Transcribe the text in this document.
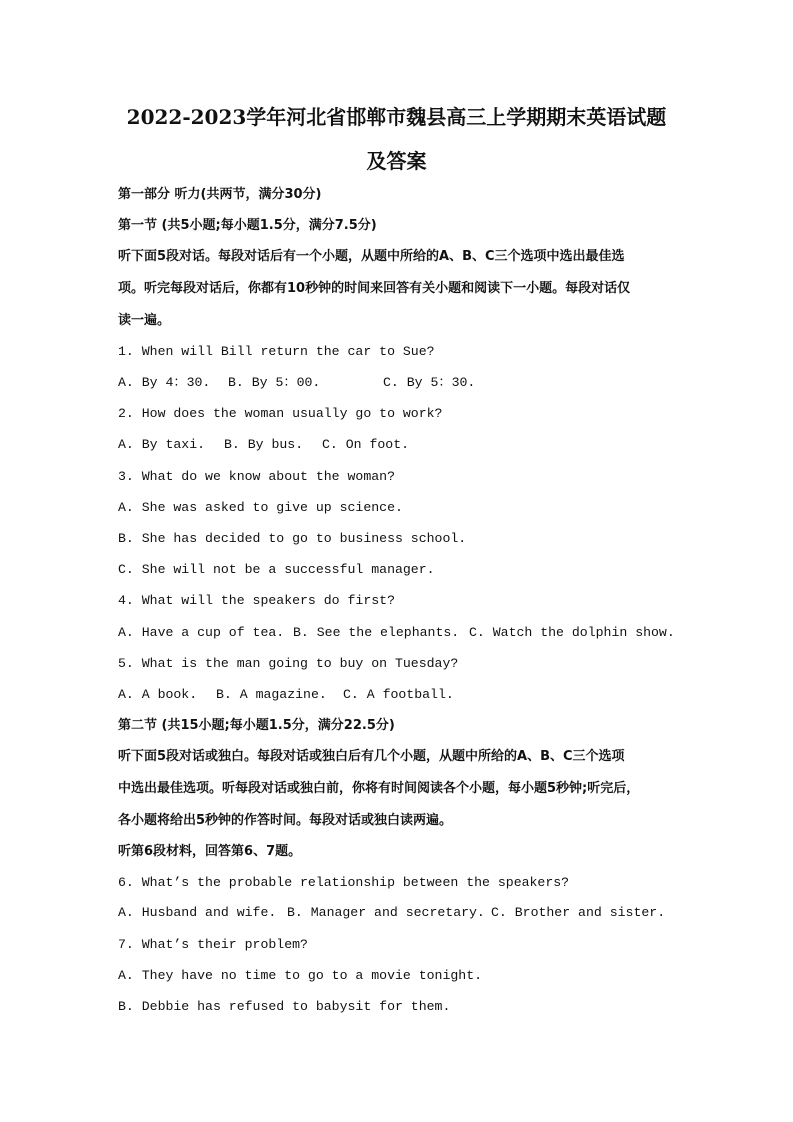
2022-2023学年河北省邯郸市魏县高三上学期期末英语试题
及答案
第一部分 听力(共两节，满分30分)
第一节 (共5小题;每小题1.5分，满分7.5分)
听下面5段对话。每段对话后有一个小题，从题中所给的A、B、C三个选项中选出最佳选
项。听完每段对话后，你都有10秒钟的时间来回答有关小题和阅读下一小题。每段对话仅
读一遍。
1. When will Bill return the car to Sue?
A. By 4：30. B. By 5：00.	C. By 5：30.
2. How does the woman usually go to work?
A. By taxi. B. By bus. C. On foot.
3. What do we know about the woman?
A. She was asked to give up science.
B. She has decided to go to business school.
C. She will not be a successful manager.
4. What will the speakers do first?
A. Have a cup of tea. B. See the elephants. C. Watch the dolphin show.
5. What is the man going to buy on Tuesday?
A. A book. B. A magazine. C. A football.
第二节 (共15小题;每小题1.5分，满分22.5分)
听下面5段对话或独白。每段对话或独白后有几个小题，从题中所给的A、B、C三个选项
中选出最佳选项。听每段对话或独白前，你将有时间阅读各个小题，每小题5秒钟;听完后，
各小题将给出5秒钟的作答时间。每段对话或独白读两遍。
听第6段材料，回答第6、7题。
6. What’s the probable relationship between the speakers?
A. Husband and wife. B. Manager and secretary. C. Brother and sister.
7. What’s their problem?
A. They have no time to go to a movie tonight.
B. Debbie has refused to babysit for them.
